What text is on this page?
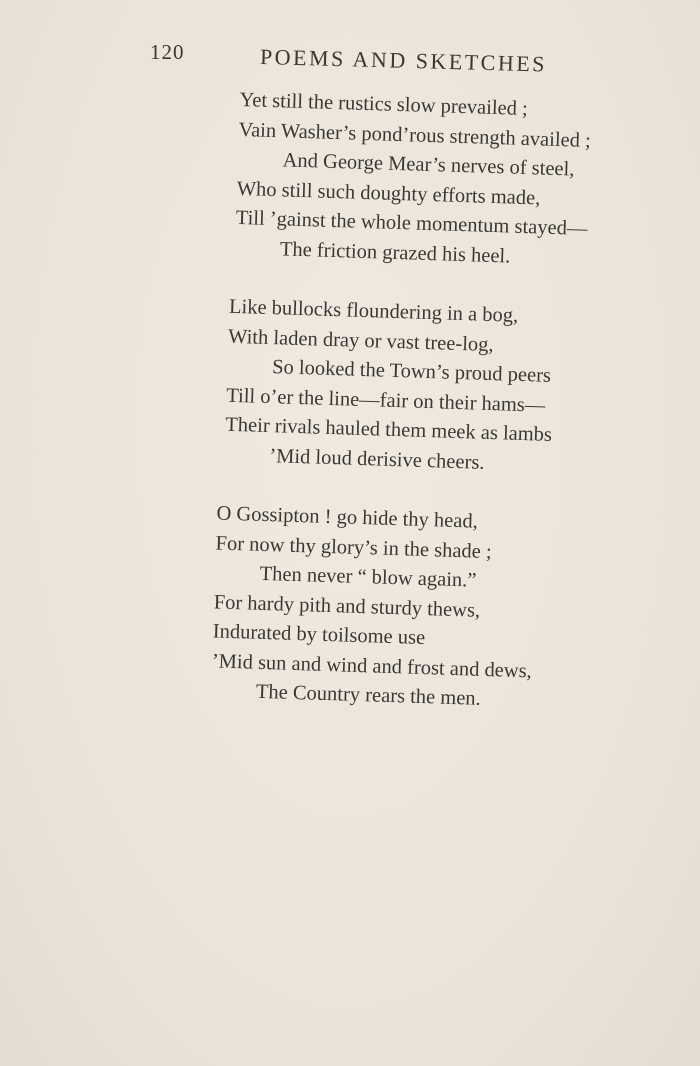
120	POEMS AND SKETCHES
Yet still the rustics slow prevailed ;
Vain Washer’s pond’rous strength availed ;
And George Mear’s nerves of steel,
Who still such doughty efforts made,
Till ’gainst the whole momentum stayed—
The friction grazed his heel.
Like bullocks floundering in a bog,
With laden dray or vast tree-log,
So looked the Town’s proud peers
Till o’er the line—fair on their hams—
Their rivals hauled them meek as lambs
’Mid loud derisive cheers.
O Gossipton ! go hide thy head,
For now thy glory’s in the shade ;
Then never “ blow again.”
For hardy pith and sturdy thews,
Indurated by toilsome use
’Mid sun and wind and frost and dews,
The Country rears the men.
